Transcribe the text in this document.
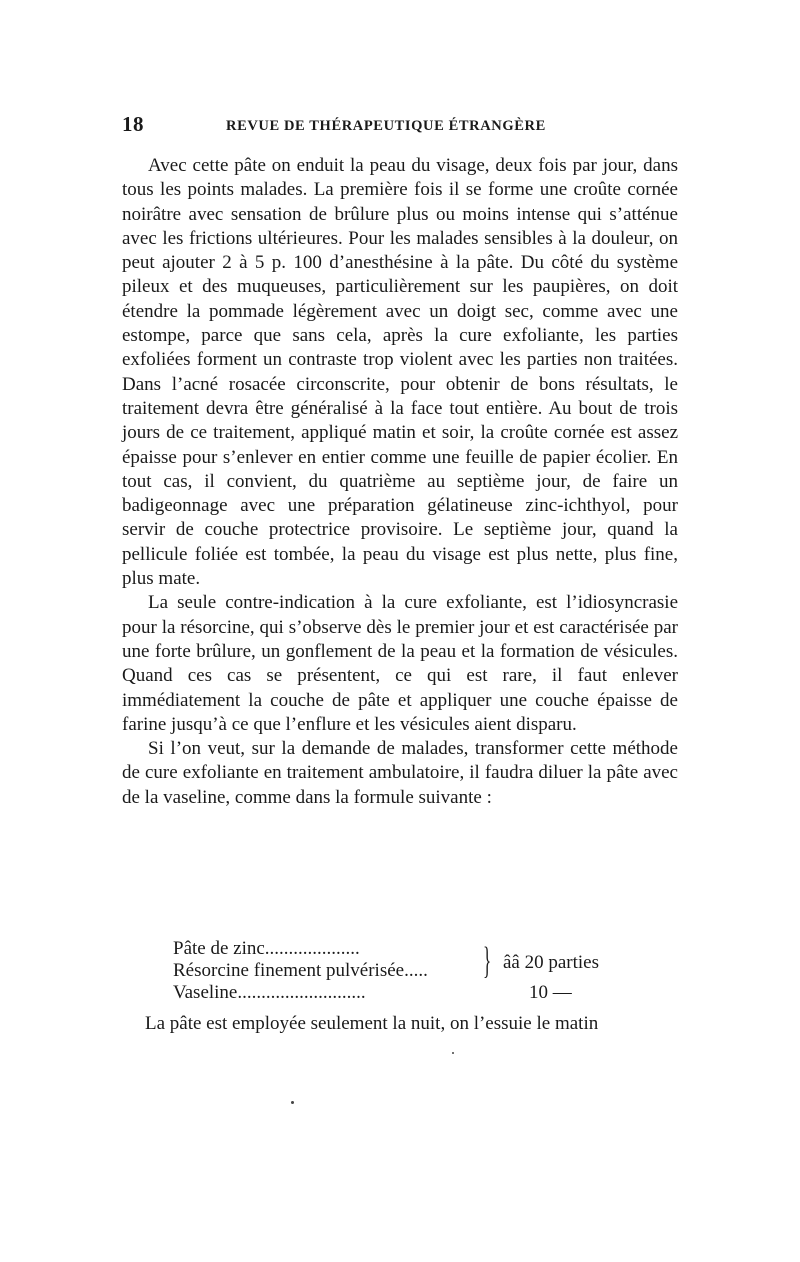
18	REVUE DE THÉRAPEUTIQUE ÉTRANGÈRE

Avec cette pâte on enduit la peau du visage, deux fois par jour, dans tous les points malades. La première fois il se forme une croûte cornée noirâtre avec sensation de brûlure plus ou moins intense qui s’atténue avec les frictions ultérieures. Pour les malades sensibles à la douleur, on peut ajouter 2 à 5 p. 100 d’anesthésine à la pâte. Du côté du système pileux et des muqueuses, particulièrement sur les paupières, on doit étendre la pommade légèrement avec un doigt sec, comme avec une estompe, parce que sans cela, après la cure exfoliante, les parties exfoliées forment un contraste trop violent avec les parties non traitées. Dans l’acné rosacée circonscrite, pour obtenir de bons résultats, le traitement devra être généralisé à la face tout entière. Au bout de trois jours de ce traitement, appliqué matin et soir, la croûte cornée est assez épaisse pour s’enlever en entier comme une feuille de papier écolier. En tout cas, il convient, du quatrième au septième jour, de faire un badigeonnage avec une préparation gélatineuse zinc-ichthyol, pour servir de couche protectrice provisoire. Le septième jour, quand la pellicule foliée est tombée, la peau du visage est plus nette, plus fine, plus mate.

La seule contre-indication à la cure exfoliante, est l’idiosyncrasie pour la résorcine, qui s’observe dès le premier jour et est caractérisée par une forte brûlure, un gonflement de la peau et la formation de vésicules. Quand ces cas se présentent, ce qui est rare, il faut enlever immédiatement la couche de pâte et appliquer une couche épaisse de farine jusqu’à ce que l’enflure et les vésicules aient disparu.

Si l’on veut, sur la demande de malades, transformer cette méthode de cure exfoliante en traitement ambulatoire, il faudra diluer la pâte avec de la vaseline, comme dans la formule suivante :

Pâte de zinc....................
Résorcine finement pulvérisée.....
Vaseline...........................	10 —
} ââ 20 parties
La pâte est employée seulement la nuit, on l’essuie le matin
